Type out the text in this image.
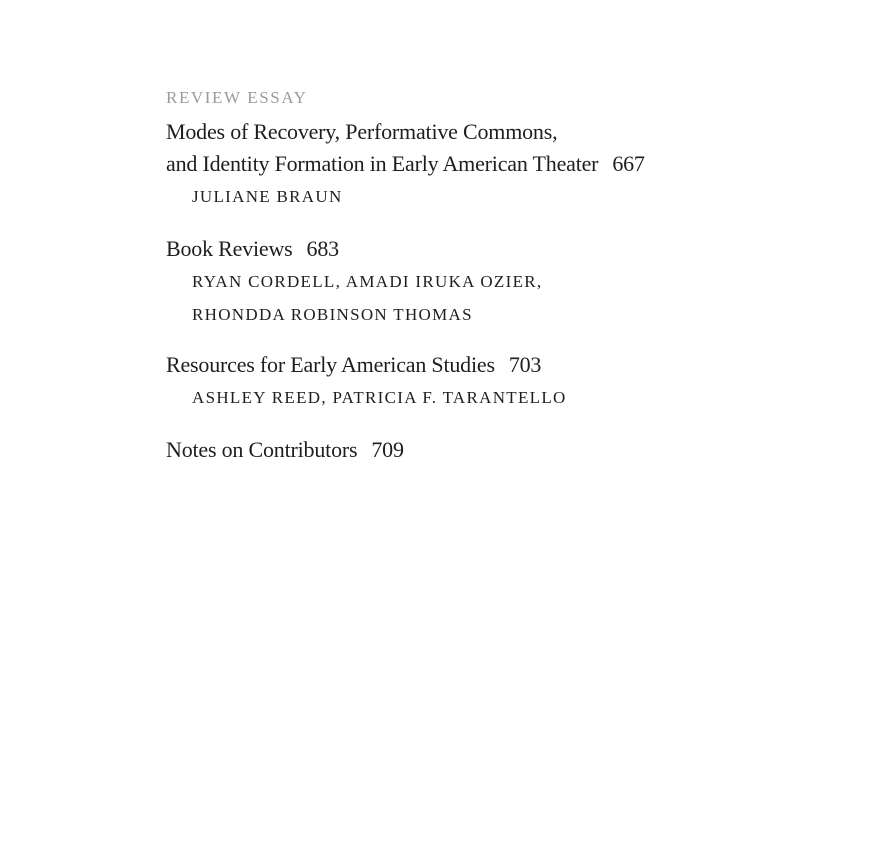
REVIEW ESSAY
Modes of Recovery, Performative Commons,
and Identity Formation in Early American Theater 667
JULIANE BRAUN
Book Reviews 683
RYAN CORDELL, AMADI IRUKA OZIER,
RHONDDA ROBINSON THOMAS
Resources for Early American Studies 703
ASHLEY REED, PATRICIA F. TARANTELLO
Notes on Contributors 709
